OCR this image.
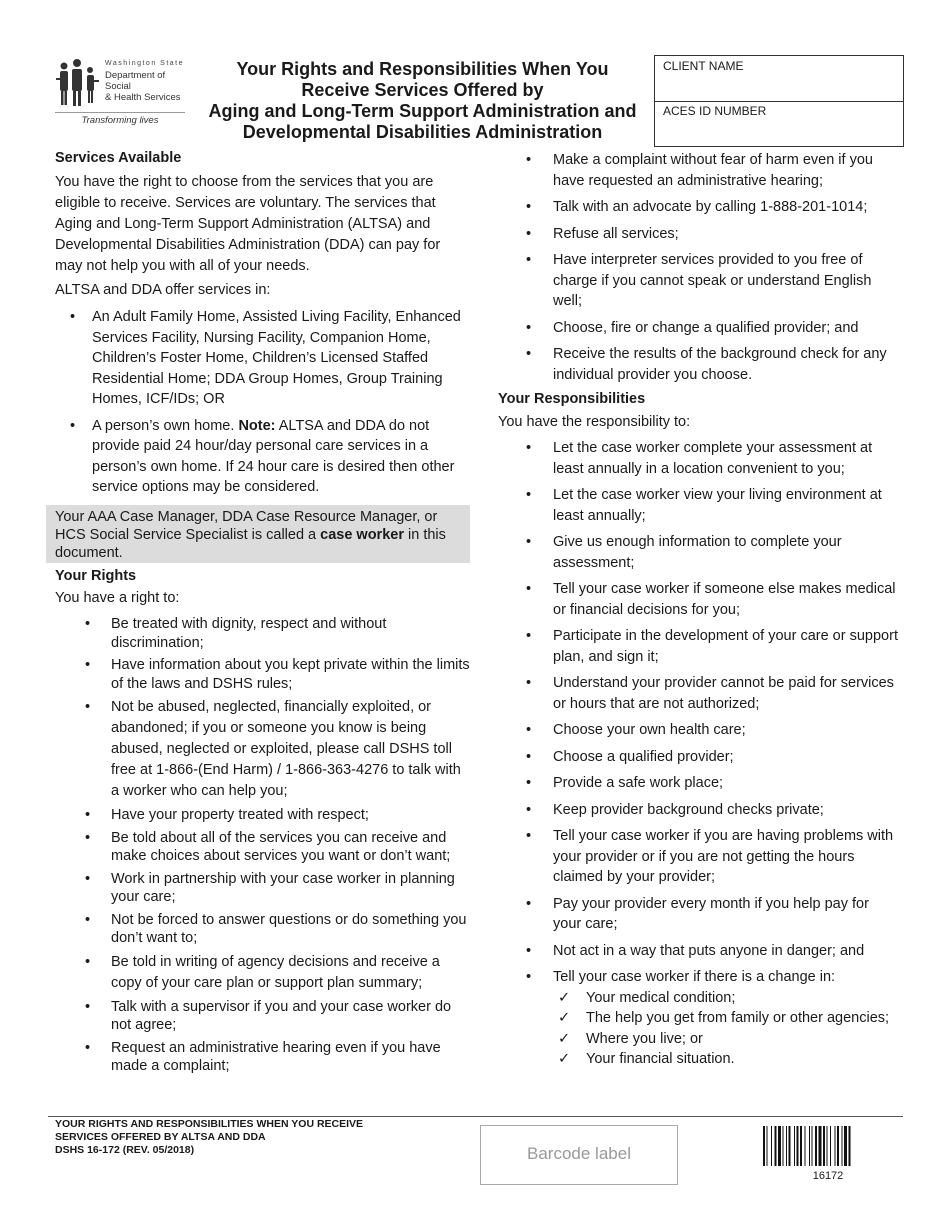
Washington State
Department of Social
& Health Services
Transforming lives
Your Rights and Responsibilities When You
Receive Services Offered by
Aging and Long-Term Support Administration and
Developmental Disabilities Administration
CLIENT NAME
ACES ID NUMBER
Services Available
You have the right to choose from the services that you are eligible to receive. Services are voluntary. The services that Aging and Long-Term Support Administration (ALTSA) and Developmental Disabilities Administration (DDA) can pay for may not help you with all of your needs.
ALTSA and DDA offer services in:
• An Adult Family Home, Assisted Living Facility, Enhanced Services Facility, Nursing Facility, Companion Home, Children’s Foster Home, Children’s Licensed Staffed Residential Home; DDA Group Homes, Group Training Homes, ICF/IDs; OR
• A person’s own home. Note: ALTSA and DDA do not provide paid 24 hour/day personal care services in a person’s own home. If 24 hour care is desired then other service options may be considered.
Your AAA Case Manager, DDA Case Resource Manager, or HCS Social Service Specialist is called a case worker in this document.
Your Rights
You have a right to:
• Be treated with dignity, respect and without discrimination;
• Have information about you kept private within the limits of the laws and DSHS rules;
• Not be abused, neglected, financially exploited, or abandoned; if you or someone you know is being abused, neglected or exploited, please call DSHS toll free at 1-866-(End Harm) / 1-866-363-4276 to talk with a worker who can help you;
• Have your property treated with respect;
• Be told about all of the services you can receive and make choices about services you want or don’t want;
• Work in partnership with your case worker in planning your care;
• Not be forced to answer questions or do something you don’t want to;
• Be told in writing of agency decisions and receive a copy of your care plan or support plan summary;
• Talk with a supervisor if you and your case worker do not agree;
• Request an administrative hearing even if you have made a complaint;
• Make a complaint without fear of harm even if you have requested an administrative hearing;
• Talk with an advocate by calling 1-888-201-1014;
• Refuse all services;
• Have interpreter services provided to you free of charge if you cannot speak or understand English well;
• Choose, fire or change a qualified provider; and
• Receive the results of the background check for any individual provider you choose.
Your Responsibilities
You have the responsibility to:
• Let the case worker complete your assessment at least annually in a location convenient to you;
• Let the case worker view your living environment at least annually;
• Give us enough information to complete your assessment;
• Tell your case worker if someone else makes medical or financial decisions for you;
• Participate in the development of your care or support plan, and sign it;
• Understand your provider cannot be paid for services or hours that are not authorized;
• Choose your own health care;
• Choose a qualified provider;
• Provide a safe work place;
• Keep provider background checks private;
• Tell your case worker if you are having problems with your provider or if you are not getting the hours claimed by your provider;
• Pay your provider every month if you help pay for your care;
• Not act in a way that puts anyone in danger; and
• Tell your case worker if there is a change in:
✓ Your medical condition;
✓ The help you get from family or other agencies;
✓ Where you live; or
✓ Your financial situation.
YOUR RIGHTS AND RESPONSIBILITIES WHEN YOU RECEIVE
SERVICES OFFERED BY ALTSA AND DDA
DSHS 16-172 (REV. 05/2018)	Barcode label
16172
